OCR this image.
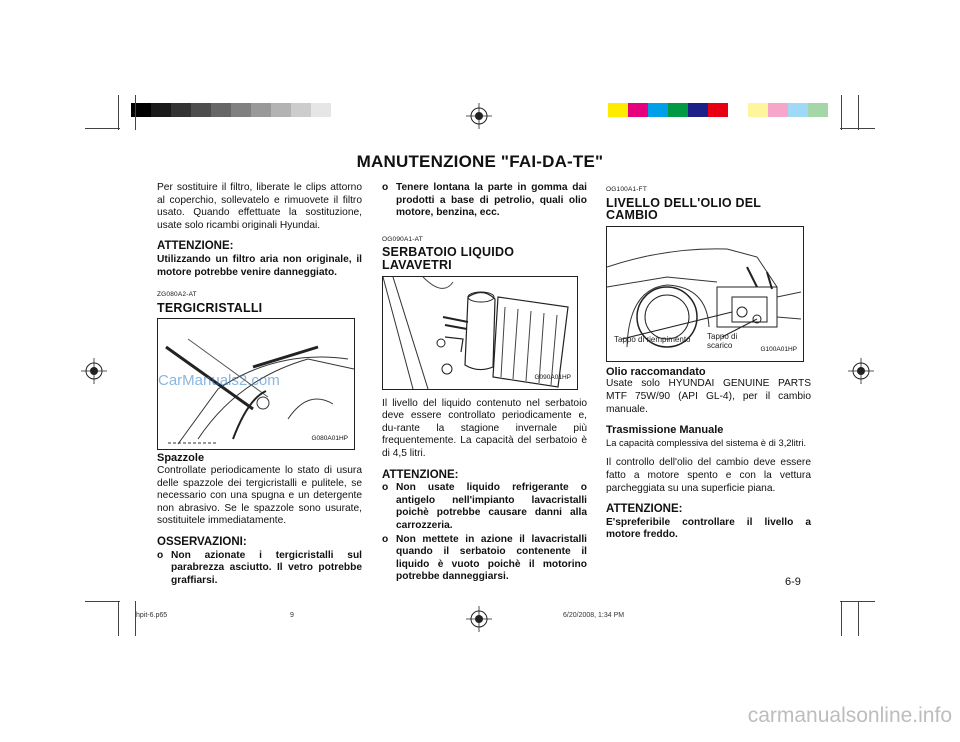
MANUTENZIONE "FAI-DA-TE"

Per sostituire il filtro, liberate le clips attorno al coperchio, sollevatelo e rimuovete il filtro usato. Quando effettuate la sostituzione, usate solo ricambi originali Hyundai.

ATTENZIONE:

Utilizzando un filtro aria non originale, il motore potrebbe venire danneggiato.

ZG080A2-AT
TERGICRISTALLI
G080A01HP
Spazzole

Controllate periodicamente lo stato di usura delle spazzole dei tergicristalli e pulitele, se necessario con una spugna e un detergente non abrasivo. Se le spazzole sono usurate, sostituitele immediatamente.

OSSERVAZIONI:
o Non azionate i tergicristalli sul parabrezza asciutto. Il vetro potrebbe graffiarsi.
o Tenere lontana la parte in gomma dai prodotti a base di petrolio, quali olio motore, benzina, ecc.
OG090A1-AT
SERBATOIO LIQUIDO LAVAVETRI
G090A01HP

Il livello del liquido contenuto nel serbatoio deve essere controllato periodicamente e, du-rante la stagione invernale più frequentemente. La capacità del serbatoio è di 4,5 litri.

ATTENZIONE:
o Non usate liquido refrigerante o antigelo nell'impianto lavacristalli poichè potrebbe causare danni alla carrozzeria.
o Non mettete in azione il lavacristalli quando il serbatoio contenente il liquido è vuoto poichè il motorino potrebbe danneggiarsi.
OG100A1-FT
LIVELLO DELL'OLIO DEL CAMBIO
Tappo di riempimento Tappo di scarico	G100A01HP
Olio raccomandato

Usate solo HYUNDAI GENUINE PARTS MTF 75W/90 (API GL-4), per il cambio manuale.

Trasmissione Manuale

La capacità complessiva del sistema è di 3,2litri.

Il controllo dell'olio del cambio deve essere fatto a motore spento e con la vettura parcheggiata su una superficie piana.

ATTENZIONE:

E'spreferibile controllare il livello a motore freddo.

6-9
hpit-6.p65	9	6/20/2008, 1:34 PM
CarManuals2.com
carmanualsonline.info
